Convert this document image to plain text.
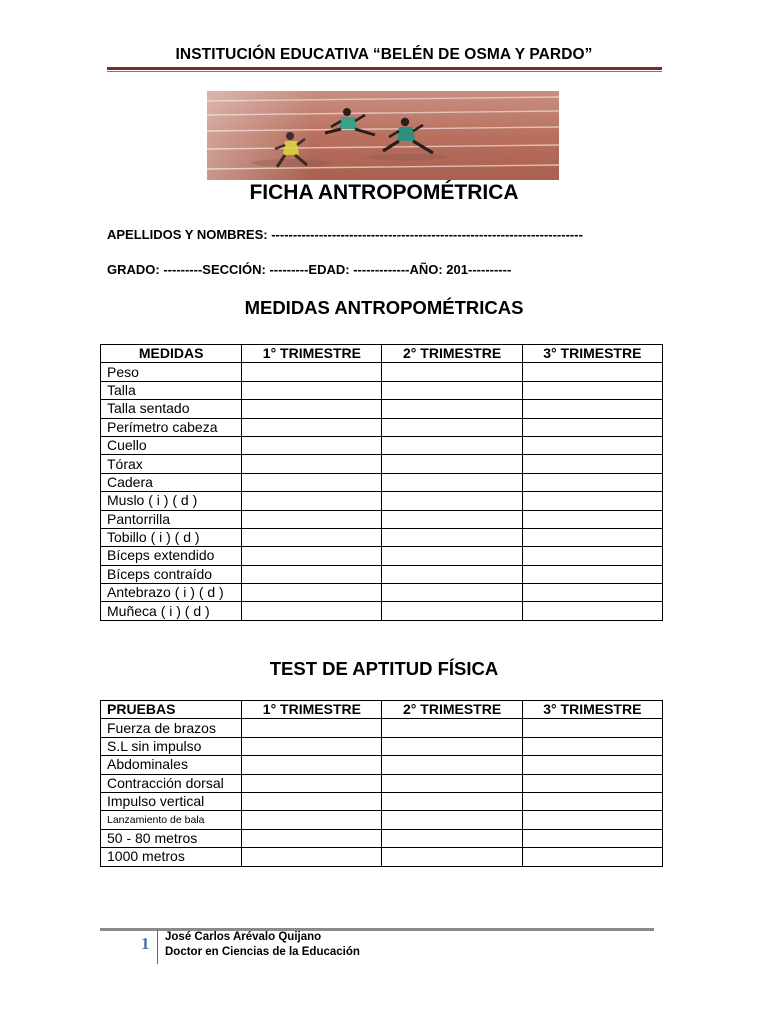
INSTITUCIÓN EDUCATIVA “BELÉN DE OSMA Y PARDO”
FICHA ANTROPOMÉTRICA
APELLIDOS Y NOMBRES: ------------------------------------------------------------------------
GRADO: ---------SECCIÓN: ---------EDAD: -------------AÑO: 201----------
MEDIDAS ANTROPOMÉTRICAS
MEDIDAS	1° TRIMESTRE	2° TRIMESTRE	3° TRIMESTRE
Peso			
Talla			
Talla sentado			
Perímetro cabeza			
Cuello			
Tórax			
Cadera			
Muslo ( i ) ( d )			
Pantorrilla			
Tobillo ( i ) ( d )			
Bíceps extendido			
Bíceps contraído			
Antebrazo ( i ) ( d )			
Muñeca ( i ) ( d )			
TEST DE APTITUD FÍSICA
PRUEBAS	1° TRIMESTRE	2° TRIMESTRE	3° TRIMESTRE
Fuerza de brazos			
S.L sin impulso			
Abdominales			
Contracción dorsal			
Impulso vertical			
Lanzamiento de bala			
50 - 80 metros			
1000 metros			
1 José Carlos Arévalo Quijano
Doctor en Ciencias de la Educación
